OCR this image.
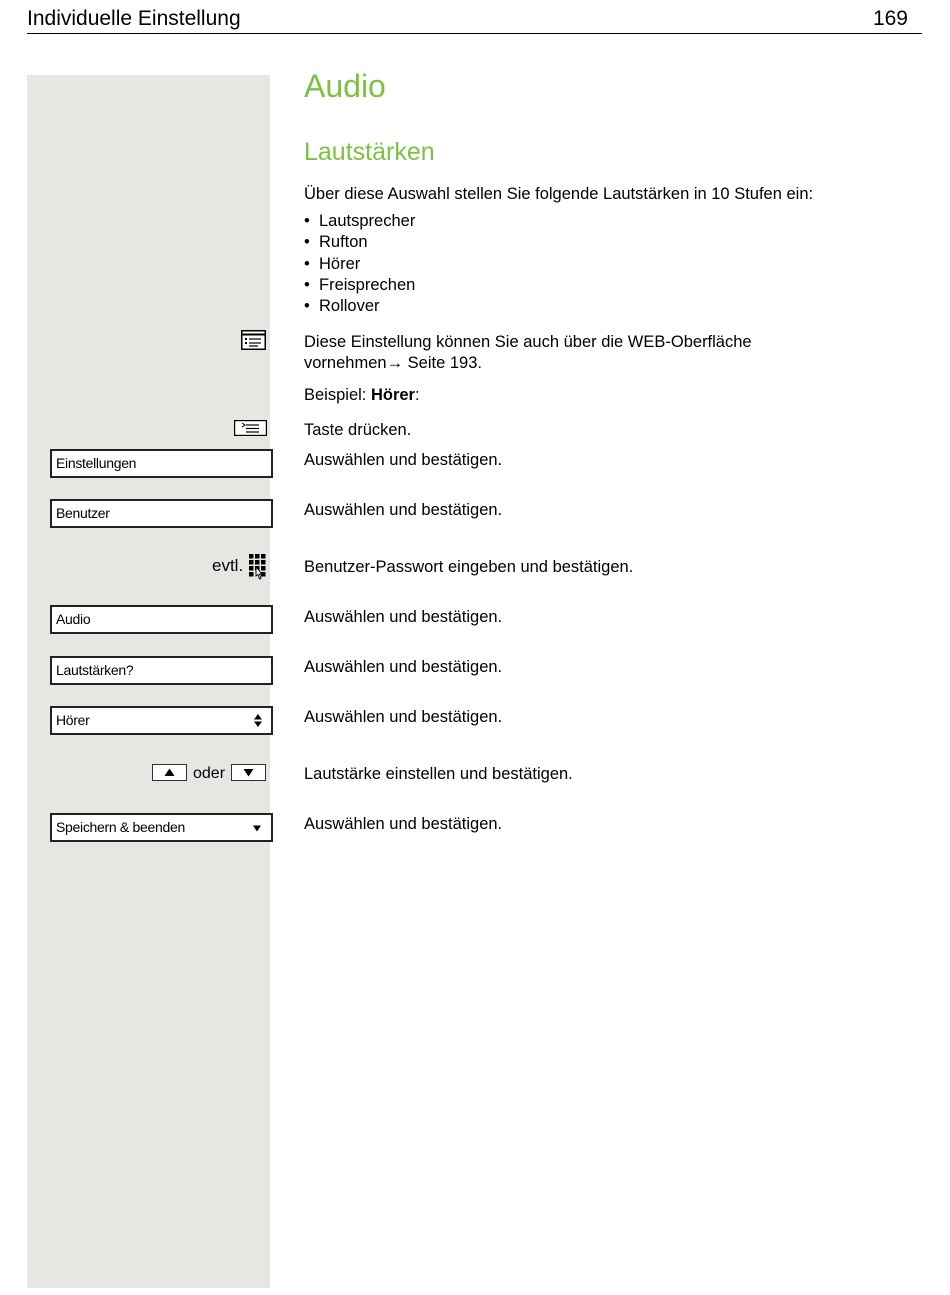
Individuelle Einstellung	169
Audio
Lautstärken
Über diese Auswahl stellen Sie folgende Lautstärken in 10 Stufen ein:
• Lautsprecher
• Rufton
• Hörer
• Freisprechen
• Rollover
Diese Einstellung können Sie auch über die WEB-Oberfläche
vornehmen→ Seite 193.
Beispiel: Hörer:
Taste drücken.
Einstellungen	Auswählen und bestätigen.
Benutzer	Auswählen und bestätigen.
evtl.	Benutzer-Passwort eingeben und bestätigen.
Audio	Auswählen und bestätigen.
Lautstärken?	Auswählen und bestätigen.
Hörer	Auswählen und bestätigen.
oder	Lautstärke einstellen und bestätigen.
Speichern & beenden	Auswählen und bestätigen.
